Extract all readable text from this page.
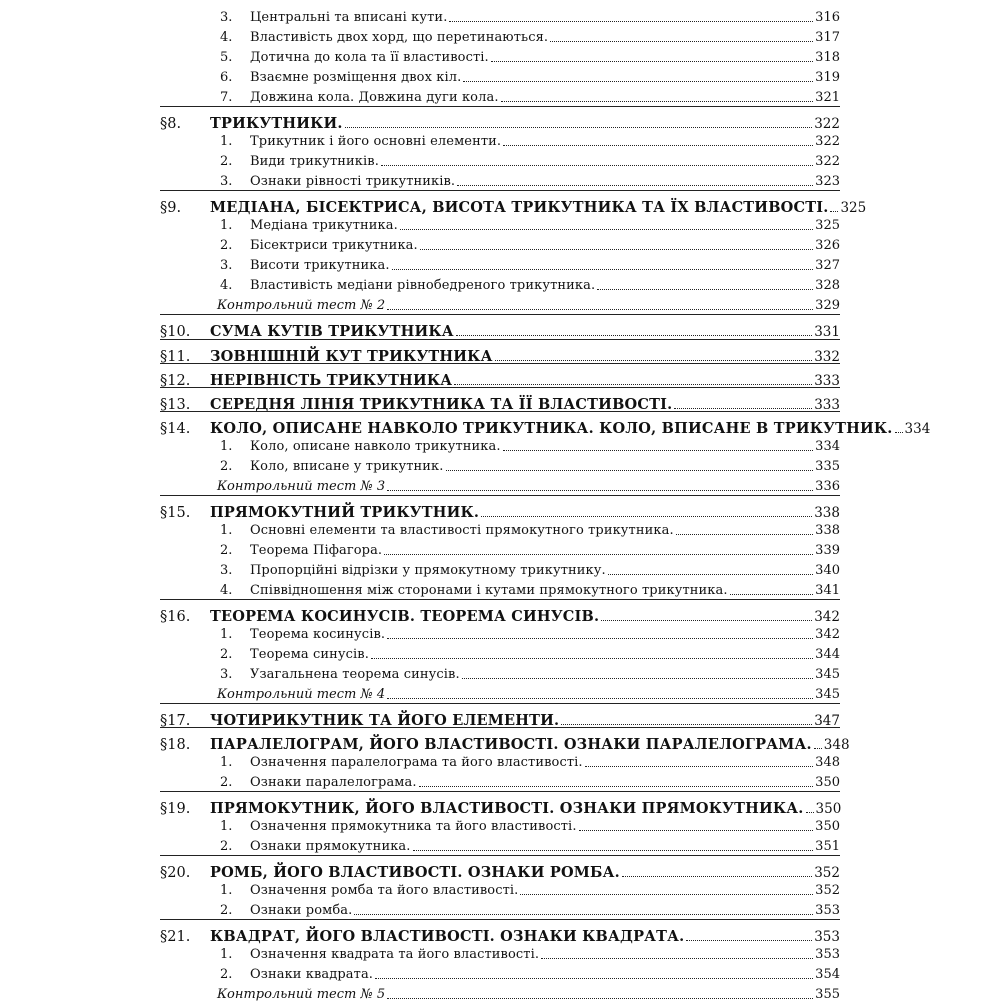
3.	Центральні та вписані кути.	316
4.	Властивість двох хорд, що перетинаються.	317
5.	Дотична до кола та її властивості.	318
6.	Взаємне розміщення двох кіл.	319
7.	Довжина кола. Довжина дуги кола.	321
§8.	ТРИКУТНИКИ.	322
1.	Трикутник і його основні елементи.	322
2.	Види трикутників.	322
3.	Ознаки рівності трикутників.	323
§9.	МЕДІАНА, БІСЕКТРИСА, ВИСОТА ТРИКУТНИКА ТА ЇХ ВЛАСТИВОСТІ. 325
1.	Медіана трикутника.	325
2.	Бісектриси трикутника.	326
3.	Висоти трикутника.	327
4.	Властивість медіани рівнобедреного трикутника.	328
Контрольний тест № 2	329
§10.	СУМА КУТІВ ТРИКУТНИКА	331
§11.	ЗОВНІШНІЙ КУТ ТРИКУТНИКА	332
§12.	НЕРІВНІСТЬ ТРИКУТНИКА	333
§13.	СЕРЕДНЯ ЛІНІЯ ТРИКУТНИКА ТА ЇЇ ВЛАСТИВОСТІ.	333
§14.	КОЛО, ОПИСАНЕ НАВКОЛО ТРИКУТНИКА. КОЛО, ВПИСАНЕ В ТРИКУТНИК. 334
1.	Коло, описане навколо трикутника.	334
2.	Коло, вписане у трикутник.	335
Контрольний тест № 3	336
§15.	ПРЯМОКУТНИЙ ТРИКУТНИК.	338
1.	Основні елементи та властивості прямокутного трикутника.	338
2.	Теорема Піфагора.	339
3.	Пропорційні відрізки у прямокутному трикутнику.	340
4.	Співвідношення між сторонами і кутами прямокутного трикутника.	341
§16.	ТЕОРЕМА КОСИНУСІВ. ТЕОРЕМА СИНУСІВ.	342
1.	Теорема косинусів.	342
2.	Теорема синусів.	344
3.	Узагальнена теорема синусів.	345
Контрольний тест № 4	345
§17.	ЧОТИРИКУТНИК ТА ЙОГО ЕЛЕМЕНТИ.	347
§18.	ПАРАЛЕЛОГРАМ, ЙОГО ВЛАСТИВОСТІ. ОЗНАКИ ПАРАЛЕЛОГРАМА. 348
1.	Означення паралелограма та його властивості.	348
2.	Ознаки паралелограма.	350
§19.	ПРЯМОКУТНИК, ЙОГО ВЛАСТИВОСТІ. ОЗНАКИ ПРЯМОКУТНИКА. 350
1.	Означення прямокутника та його властивості.	350
2.	Ознаки прямокутника.	351
§20.	РОМБ, ЙОГО ВЛАСТИВОСТІ. ОЗНАКИ РОМБА.	352
1.	Означення ромба та його властивості.	352
2.	Ознаки ромба.	353
§21.	КВАДРАТ, ЙОГО ВЛАСТИВОСТІ. ОЗНАКИ КВАДРАТА.	353
1.	Означення квадрата та його властивості.	353
2.	Ознаки квадрата.	354
Контрольний тест № 5	355
